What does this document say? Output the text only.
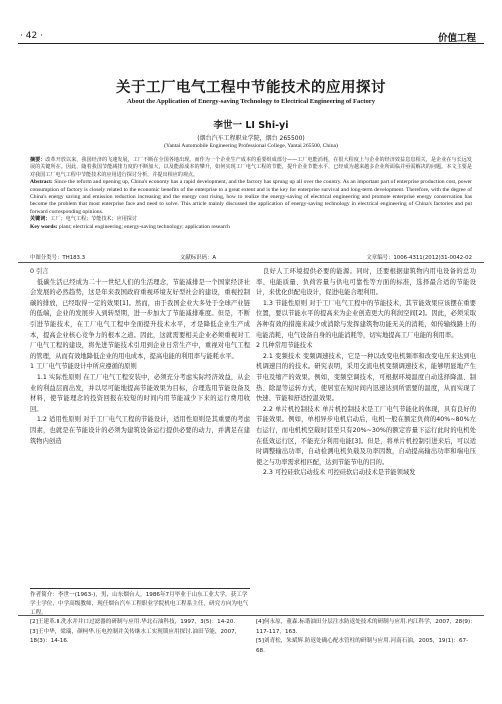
· 42 ·	价值工程
关于工厂电气工程中节能技术的应用探讨
About the Application of Energy-saving Technology to Electrical Engineering of Factory
李世一 LI Shi-yi
(烟台汽车工程职业学院，烟台 265500)
(Yantai Automobile Engineering Professional College, Yantai 265500, China)
摘要：改革开放以来，我国经济的飞速发展，工厂不断在全国各地出现。而作为一个企业生产成本的重要组成部分——工厂电能消耗，在很大程度上与企业的经济效益息息相关，是企业在与长远发展的关键所在。因此，随着我国节能减排力度的不断加大，以及能源成本的攀升，如何实现工厂电气工程的节能，提升企业节能水平，已经成为越来越多企业所面临并亟需解决的问题。本文主要是对我国工厂电气工程中节能技术的应用进行探讨分析，并提出相应的观点。
Abstract: Since the reform and opening up, China's economy has a rapid development, and the factory has sprung up all over the country. As an important part of enterprise production cost, power consumption of factory is closely related to the economic benefits of the enterprise to a great extent and is the key for enterprise survival and long-term development. Therefore, with the degree of China's energy saving and emission reduction increasing and the energy cost rising, how to realize the energy-saving of electrical engineering and promote enterprise energy conservation has become the problem that most enterprise face and need to solve. This article mainly discussed the application of energy-saving technology in electrical engineering of China's factories and put forward corresponding opinions.
关键词：工厂；电气工程；节能技术；应用探讨
Key words: plant; electrical engineering; energy-saving technology; application research
中图分类号：TH183.3	文献标识码：A	文章编号：1006-4311(2012)31-0042-02

0 引言

低碳生活已经成为二十一世纪人们的生活理念，节能减排是一个国家经济社会发展的必然趋势，这是年来我国政府重视环境友好型社会的建设，重视控制碳的排放，已经取得一定的效果[1]。然而，由于我国企业大多处于全球产业链的低端，企业的发展步入到转型期，进一步加大了节能减排难度。但是，不断引进节能技术，在工厂电气工程中全面提升技术水平，才是降低企业生产成本，提高企业核心竞争力的根本之道。因此，这就需要相关企业必须重视对工厂电气工程的建设，将先进节能技术引用到企业日常生产中，重视对电气工程的管理，从而有效地降低企业的用电成本，提高电能的利用率与能耗水平。

1 工厂电气节能设计中所应遵循的原则

1.1 实际性原则 在工厂电气工程安装中，必须充分考虑实际经济效益，从企业的利益层面出发，并以尽可能地提高节能效果为目标，合理选用节能设备及材料，使节能理念的投资回报在较短的时间内用节能减少下来的运行费用收回。

1.2 适用性原则 对于工厂电气工程的节能设计，适用性原则是其重要的考虑因素，也就是在节能设计的必须为建筑设备运行提供必要的动力，并满足在建筑物内创造

良好人工环境提供必要的能源。同时，还要根据建筑物内用电设备的总功率、电能质量、负荷容量与供电可靠性等方面的标准，选择最合适的节能设计，来优化供配电设计，促进电能合理利用。

1.3 节能性原则 对于工厂电气工程中的节能技术，其节能效果应该摆在重要位置，要以节能水平的提高来为企业创造更大的利润空间[2]。因此，必须采取各种有效的措施来减少或消除与发挥建筑物功能无关的消耗，如传输线路上的电能消耗，电气设备自身的电能消耗等，切实地提高工厂电能的利用率。

2 几种常用节能技术

2.1 变频技术 变频调速技术，它是一种以改变电机频率和改变电压来达到电机调速目的的技术。研究表明，采用交流电机变频调速技术，能够明显地产生节电及缩产的效果。例如，变频空调技术，可根据环境温度自动选择降温、制热、除湿等运转方式，使居室在短时间内迅速达到所需要的温度，从而实现了快速、节能和舒适控温效果。

2.2 单片机控制技术 单片机控制技术是工厂电气节能化的体现，具有良好的节能效果。例如，单相异步电机启动后，电机一般在额定负荷的40%~80%左右运行，而电机机空载时甚至只有20%~30%的额定容量下运行此时的电机处在低效运行区，不能充分利用电能[3]。但是，将单片机控制引进来后，可以适时调整输出功率，自动检测电机负载及功率因数，自动提高输出功率和端电压使之与功率需求相匹配，达到节能节电的目的。

2.3 可控硅软启动技术 可控硅软启动技术是节能领域发

作者简介：李世一(1963-)，男，山东烟台人，1986年7月毕业于山东工业大学，获工学学士学位，中学高级教师，现任烟台汽车工程职业学院机电工程系主任，研究方向为电气工程。
[2]王建革.Ⅱ.洗水并并口过滤器的研制与应用.华北石油科技，1997，3(5)：14-20.
[3]王中华，梁瑞，颜柯华.压电控制并关传继水工实现锁应用探讨.油田节能，2007，18(3)：14-16.
[4]何永原，董森.标谐油田分层注水防返处技术的研制与应用.内江科学，2007，28(9)：117-117，163.
[5]刘青松，朱斌辉.防返处确心配水管柱的研制与应用.河南石油，2005，19(1)：67-68.
